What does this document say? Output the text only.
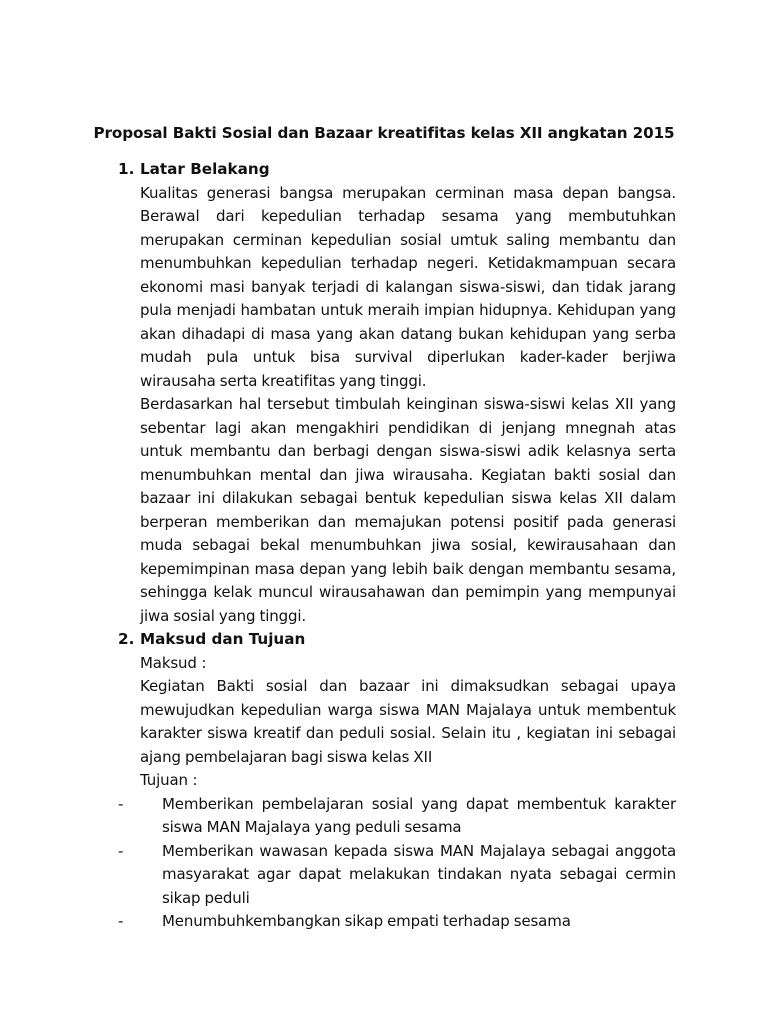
Proposal Bakti Sosial dan Bazaar kreatifitas kelas XII angkatan 2015
1. Latar Belakang

Kualitas generasi bangsa merupakan cerminan masa depan bangsa. Berawal dari kepedulian terhadap sesama yang membutuhkan merupakan cerminan kepedulian sosial umtuk saling membantu dan menumbuhkan kepedulian terhadap negeri. Ketidakmampuan secara ekonomi masi banyak terjadi di kalangan siswa-siswi, dan tidak jarang pula menjadi hambatan untuk meraih impian hidupnya. Kehidupan yang akan dihadapi di masa yang akan datang bukan kehidupan yang serba mudah pula untuk bisa survival diperlukan kader-kader berjiwa wirausaha serta kreatifitas yang tinggi.

Berdasarkan hal tersebut timbulah keinginan siswa-siswi kelas XII yang sebentar lagi akan mengakhiri pendidikan di jenjang mnegnah atas untuk membantu dan berbagi dengan siswa-siswi adik kelasnya serta menumbuhkan mental dan jiwa wirausaha. Kegiatan bakti sosial dan bazaar ini dilakukan sebagai bentuk kepedulian siswa kelas XII dalam berperan memberikan dan memajukan potensi positif pada generasi muda sebagai bekal menumbuhkan jiwa sosial, kewirausahaan dan kepemimpinan masa depan yang lebih baik dengan membantu sesama, sehingga kelak muncul wirausahawan dan pemimpin yang mempunyai jiwa sosial yang tinggi.

2. Maksud dan Tujuan

Maksud :

Kegiatan Bakti sosial dan bazaar ini dimaksudkan sebagai upaya mewujudkan kepedulian warga siswa MAN Majalaya untuk membentuk karakter siswa kreatif dan peduli sosial. Selain itu , kegiatan ini sebagai ajang pembelajaran bagi siswa kelas XII

Tujuan :

-	Memberikan pembelajaran sosial yang dapat membentuk karakter siswa MAN Majalaya yang peduli sesama

-	Memberikan wawasan kepada siswa MAN Majalaya sebagai anggota masyarakat agar dapat melakukan tindakan nyata sebagai cermin sikap peduli

-	Menumbuhkembangkan sikap empati terhadap sesama
